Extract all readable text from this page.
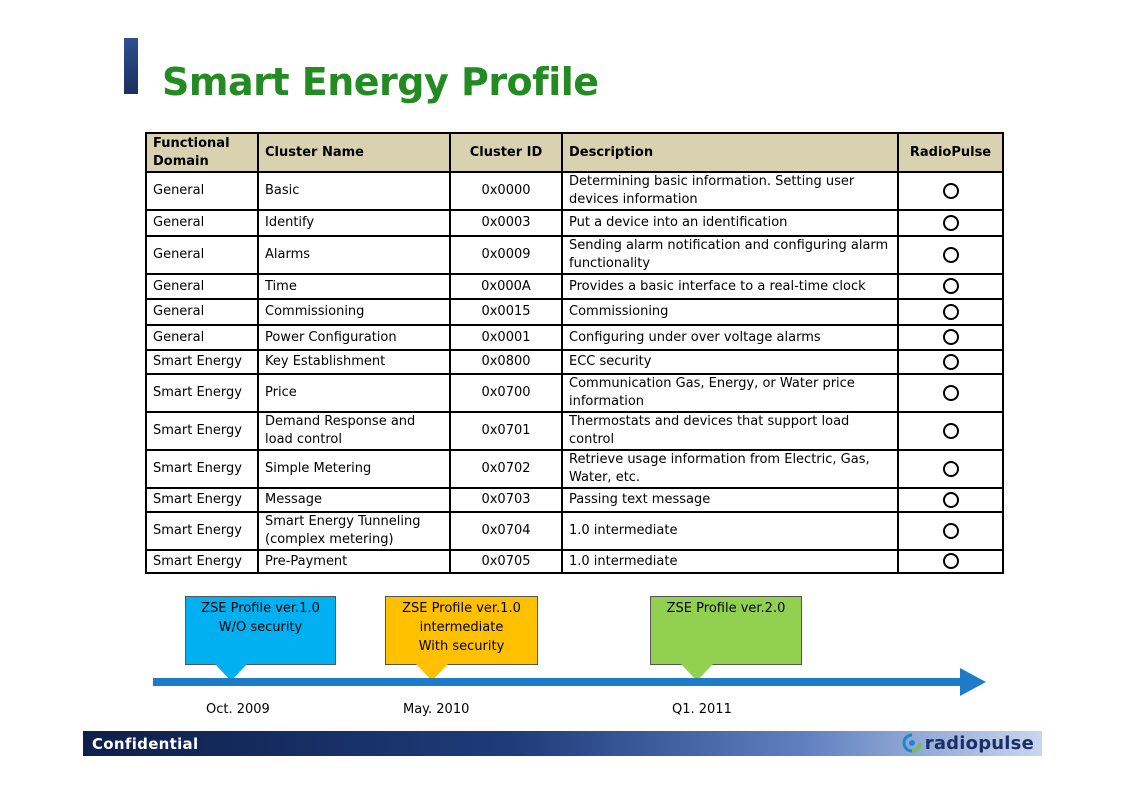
Smart Energy Profile
Functional Domain	Cluster Name	Cluster ID	Description	RadioPulse
General	Basic	0x0000	Determining basic information. Setting user devices information	
General	Identify	0x0003	Put a device into an identification	
General	Alarms	0x0009	Sending alarm notification and configuring alarm functionality	
General	Time	0x000A	Provides a basic interface to a real-time clock	
General	Commissioning	0x0015	Commissioning	
General	Power Configuration	0x0001	Configuring under over voltage alarms	
Smart Energy	Key Establishment	0x0800	ECC security	
Smart Energy	Price	0x0700	Communication Gas, Energy, or Water price information	
Smart Energy	Demand Response and load control	0x0701	Thermostats and devices that support load control	
Smart Energy	Simple Metering	0x0702	Retrieve usage information from Electric, Gas, Water, etc.	
Smart Energy	Message	0x0703	Passing text message	
Smart Energy	Smart Energy Tunneling (complex metering)	0x0704	1.0 intermediate	
Smart Energy	Pre-Payment	0x0705	1.0 intermediate	
ZSE Profile ver.1.0
W/O security
ZSE Profile ver.1.0
intermediate
With security
ZSE Profile ver.2.0
Oct. 2009	May. 2010	Q1. 2011
Confidential	radiopulse
